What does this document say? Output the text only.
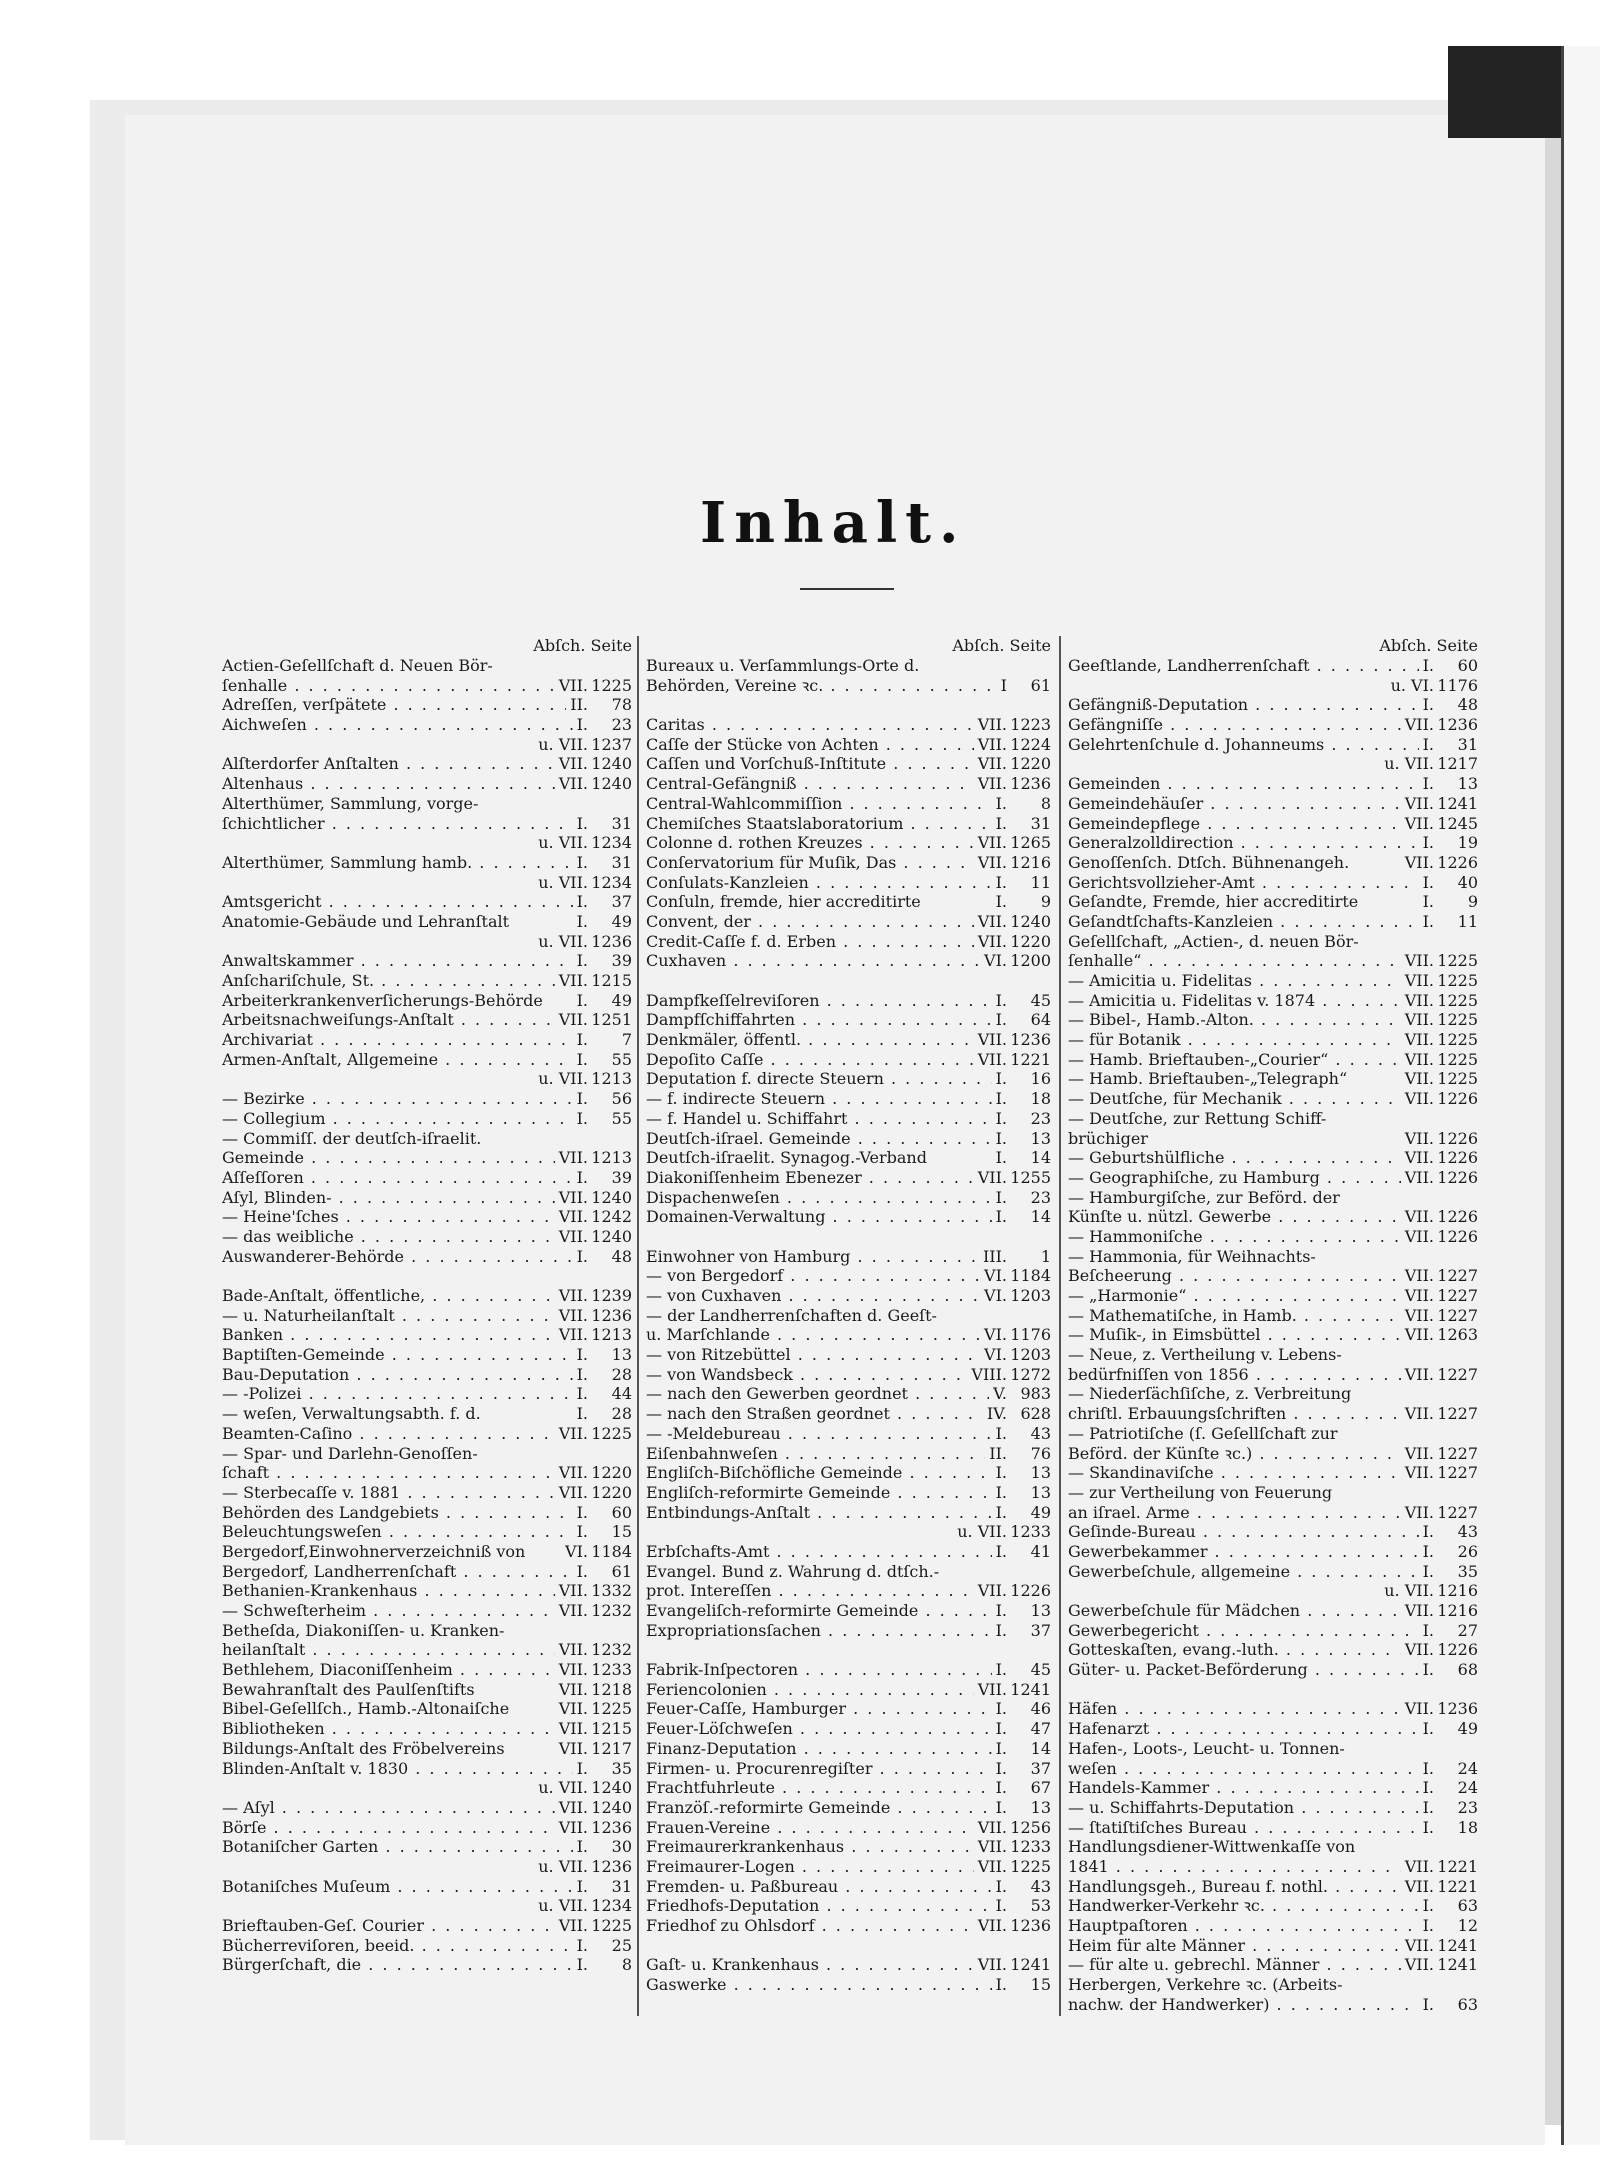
Inhalt.
Abſch. Seite
Actien-Geſellſchaft d. Neuen Bör-
ſenhalle . . .	VII. 1225
Adreſſen, verſpätete . . .	II.	78
Aichweſen . . .	I.	23
u. VII. 1237
Alſterdorfer Anſtalten . . .	VII. 1240
Altenhaus . . .	VII. 1240
Alterthümer, Sammlung, vorge-
ſchichtlicher . . .	I.	31
u. VII. 1234
Alterthümer, Sammlung hamb. . . .	I.	31
u. VII. 1234
Amtsgericht . . .	I.	37
Anatomie-Gebäude und Lehranſtalt	I.	49
u. VII. 1236
Anwaltskammer . . .	I.	39
Anſchariſchule, St. . . .	VII. 1215
Arbeiterkrankenverſicherungs-Behörde	I.	49
Arbeitsnachweiſungs-Anſtalt . . .	VII. 1251
Archivariat . . .	I.	7
Armen-Anſtalt, Allgemeine . . .	I.	55
u. VII. 1213
— Bezirke . . .	I.	56
— Collegium . . .	I.	55
— Commiſſ. der deutſch-iſraelit.
Gemeinde . . .	VII. 1213
Aſſeſſoren . . .	I.	39
Aſyl, Blinden- . . .	VII. 1240
— Heine'ſches . . .	VII. 1242
— das weibliche . . .	VII. 1240
Auswanderer-Behörde . . .	I.	48
Bade-Anſtalt, öffentliche, . . .	VII. 1239
— u. Naturheilanſtalt . . .	VII. 1236
Banken . . .	VII. 1213
Baptiſten-Gemeinde . . .	I.	13
Bau-Deputation . . .	I.	28
— -Polizei . . .	I.	44
— weſen, Verwaltungsabth. f. d.	I.	28
Beamten-Caſino . . .	VII. 1225
— Spar- und Darlehn-Genoſſen-
ſchaft . . .	VII. 1220
— Sterbecaſſe v. 1881 . . .	VII. 1220
Behörden des Landgebiets . . .	I.	60
Beleuchtungsweſen . . .	I.	15
Bergedorf,Einwohnerverzeichniß von	VI. 1184
Bergedorf, Landherrenſchaft . . .	I.	61
Bethanien-Krankenhaus . . .	VII. 1332
— Schweſterheim . . .	VII. 1232
Betheſda, Diakoniſſen- u. Kranken-
heilanſtalt . . .	VII. 1232
Bethlehem, Diaconiſſenheim . . .	VII. 1233
Bewahranſtalt des Paulſenſtifts	VII. 1218
Bibel-Geſellſch., Hamb.-Altonaiſche	VII. 1225
Bibliotheken . . .	VII. 1215
Bildungs-Anſtalt des Fröbelvereins	VII. 1217
Blinden-Anſtalt v. 1830 . . .	I.	35
u. VII. 1240
— Aſyl . . .	VII. 1240
Börſe . . .	VII. 1236
Botaniſcher Garten . . .	I.	30
u. VII. 1236
Botaniſches Muſeum . . .	I.	31
u. VII. 1234
Brieftauben-Geſ. Courier . . .	VII. 1225
Bücherreviſoren, beeid. . . .	I.	25
Bürgerſchaft, die . . .	I.	8
Abſch. Seite
Bureaux u. Verſammlungs-Orte d.
Behörden, Vereine ꝛc. . . .	I	61
Caritas . . .	VII. 1223
Caſſe der Stücke von Achten . . .	VII. 1224
Caſſen und Vorſchuß-Inſtitute . . .	VII. 1220
Central-Gefängniß . . .	VII. 1236
Central-Wahlcommiſſion . . .	I.	8
Chemiſches Staatslaboratorium . . .	I.	31
Colonne d. rothen Kreuzes . . .	VII. 1265
Conſervatorium für Muſik, Das . . .	VII. 1216
Conſulats-Kanzleien . . .	I.	11
Conſuln, fremde, hier accreditirte	I.	9
Convent, der . . .	VII. 1240
Credit-Caſſe f. d. Erben . . .	VII. 1220
Cuxhaven . . .	VI. 1200
Dampfkeſſelreviſoren . . .	I.	45
Dampfſchiffahrten . . .	I.	64
Denkmäler, öffentl. . . .	VII. 1236
Depoſito Caſſe . . .	VII. 1221
Deputation f. directe Steuern . . .	I.	16
— f. indirecte Steuern . . .	I.	18
— f. Handel u. Schiffahrt . . .	I.	23
Deutſch-iſrael. Gemeinde . . .	I.	13
Deutſch-iſraelit. Synagog.-Verband	I.	14
Diakoniſſenheim Ebenezer . . .	VII. 1255
Dispachenweſen . . .	I.	23
Domainen-Verwaltung . . .	I.	14
Einwohner von Hamburg . . .	III.	1
— von Bergedorf . . .	VI. 1184
— von Cuxhaven . . .	VI. 1203
— der Landherrenſchaften d. Geeſt-
u. Marſchlande . . .	VI. 1176
— von Ritzebüttel . . .	VI. 1203
— von Wandsbeck . . .	VIII. 1272
— nach den Gewerben geordnet . . .	V. 983
— nach den Straßen geordnet . . .	IV. 628
— -Meldebureau . . .	I.	43
Eiſenbahnweſen . . .	II.	76
Engliſch-Biſchöfliche Gemeinde . . .	I.	13
Engliſch-reformirte Gemeinde . . .	I.	13
Entbindungs-Anſtalt . . .	I.	49
u. VII. 1233
Erbſchafts-Amt . . .	I.	41
Evangel. Bund z. Wahrung d. dtſch.-
prot. Intereſſen . . .	VII. 1226
Evangeliſch-reformirte Gemeinde . . .	I.	13
Expropriationsſachen . . .	I.	37
Fabrik-Inſpectoren . . .	I.	45
Feriencolonien . . .	VII. 1241
Feuer-Caſſe, Hamburger . . .	I.	46
Feuer-Löſchweſen . . .	I.	47
Finanz-Deputation . . .	I.	14
Firmen- u. Procurenregiſter . . .	I.	37
Frachtfuhrleute . . .	I.	67
Franzöſ.-reformirte Gemeinde . . .	I.	13
Frauen-Vereine . . .	VII. 1256
Freimaurerkrankenhaus . . .	VII. 1233
Freimaurer-Logen . . .	VII. 1225
Fremden- u. Paßbureau . . .	I.	43
Friedhofs-Deputation . . .	I.	53
Friedhof zu Ohlsdorf . . .	VII. 1236
Gaſt- u. Krankenhaus . . .	VII. 1241
Gaswerke . . .	I.	15
Abſch. Seite
Geeſtlande, Landherrenſchaft . . .	I.	60
u. VI. 1176
Gefängniß-Deputation . . .	I.	48
Gefängniſſe . . .	VII. 1236
Gelehrtenſchule d. Johanneums . . .	I.	31
u. VII. 1217
Gemeinden . . .	I.	13
Gemeindehäuſer . . .	VII. 1241
Gemeindepflege . . .	VII. 1245
Generalzolldirection . . .	I.	19
Genoſſenſch. Dtſch. Bühnenangeh.	VII. 1226
Gerichtsvollzieher-Amt . . .	I.	40
Geſandte, Fremde, hier accreditirte	I.	9
Geſandtſchafts-Kanzleien . . .	I.	11
Geſellſchaft, „Actien-, d. neuen Bör-
ſenhalle“ . . .	VII. 1225
— Amicitia u. Fidelitas . . .	VII. 1225
— Amicitia u. Fidelitas v. 1874 . . .	VII. 1225
— Bibel-, Hamb.-Alton. . . .	VII. 1225
— für Botanik . . .	VII. 1225
— Hamb. Brieftauben-„Courier“ . . .	VII. 1225
— Hamb. Brieftauben-„Telegraph“	VII. 1225
— Deutſche, für Mechanik . . .	VII. 1226
— Deutſche, zur Rettung Schiff-
brüchiger	VII. 1226
— Geburtshülfliche . . .	VII. 1226
— Geographiſche, zu Hamburg . . .	VII. 1226
— Hamburgiſche, zur Beförd. der
Künſte u. nützl. Gewerbe . . .	VII. 1226
— Hammoniſche . . .	VII. 1226
— Hammonia, für Weihnachts-
Beſcheerung . . .	VII. 1227
— „Harmonie“ . . .	VII. 1227
— Mathematiſche, in Hamb. . . .	VII. 1227
— Muſik-, in Eimsbüttel . . .	VII. 1263
— Neue, z. Vertheilung v. Lebens-
bedürfniſſen von 1856 . . .	VII. 1227
— Niederſächſiſche, z. Verbreitung
chriſtl. Erbauungsſchriften . . .	VII. 1227
— Patriotiſche (ſ. Geſellſchaft zur
Beförd. der Künſte ꝛc.) . . .	VII. 1227
— Skandinaviſche . . .	VII. 1227
— zur Vertheilung von Feuerung
an iſrael. Arme . . .	VII. 1227
Geſinde-Bureau . . .	I.	43
Gewerbekammer . . .	I.	26
Gewerbeſchule, allgemeine . . .	I.	35
u. VII. 1216
Gewerbeſchule für Mädchen . . .	VII. 1216
Gewerbegericht . . .	I.	27
Gotteskaſten, evang.-luth. . . .	VII. 1226
Güter- u. Packet-Beförderung . . .	I.	68
Häfen . . .	VII. 1236
Hafenarzt . . .	I.	49
Hafen-, Loots-, Leucht- u. Tonnen-
weſen . . .	I.	24
Handels-Kammer . . .	I.	24
— u. Schiffahrts-Deputation . . .	I.	23
— ſtatiſtiſches Bureau . . .	I.	18
Handlungsdiener-Wittwenkaſſe von
1841 . . .	VII. 1221
Handlungsgeh., Bureau f. nothl. . . .	VII. 1221
Handwerker-Verkehr ꝛc. . . .	I.	63
Hauptpaſtoren . . .	I.	12
Heim für alte Männer . . .	VII. 1241
— für alte u. gebrechl. Männer . . .	VII. 1241
Herbergen, Verkehre ꝛc. (Arbeits-
nachw. der Handwerker) . . .	I.	63
